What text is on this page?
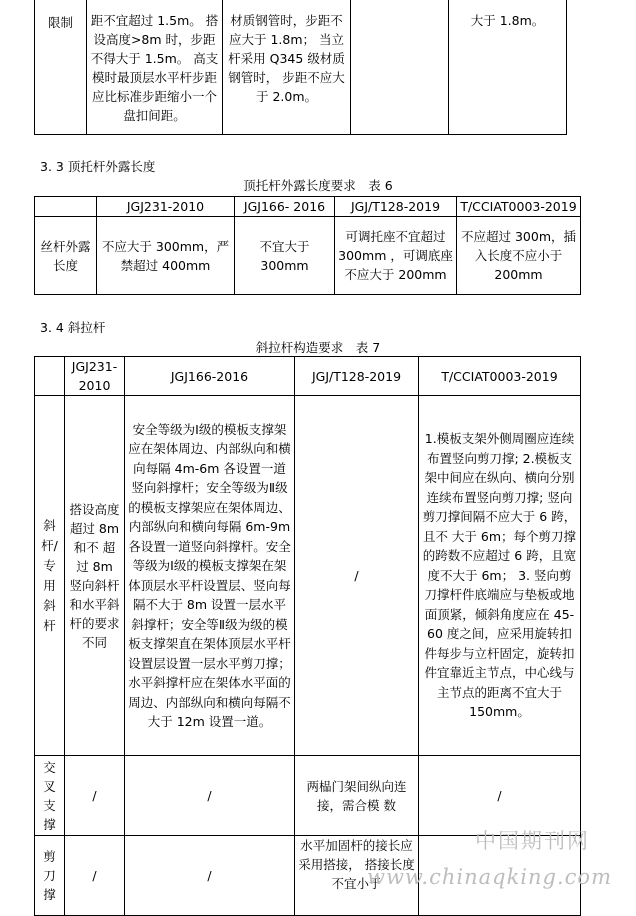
限制	距不宜超过 1.5m。 搭设高度>8m 时，步距不得大于 1.5m。 高支模时最顶层水平杆步距应比标准步距缩小一个 盘扣间距。	材质钢管时，步距不应大于 1.8m； 当立杆采用 Q345 级材质钢管时， 步距不应大于 2.0m。		大于 1.8m。
3. 3 顶托杆外露长度
顶托杆外露长度要求　表 6
	JGJ231-2010	JGJ166- 2016	JGJ/T128-2019	T/CCIAT0003-2019
丝杆外露长度	不应大于 300mm，严禁超过 400mm	不宜大于 300mm	可调托座不宜超过 300mm ，可调底座不应大于 200mm	不应超过 300m，插 入长度不应小于 200mm
3. 4 斜拉杆
斜拉杆构造要求　表 7
	JGJ231-2010	JGJ166-2016	JGJ/T128-2019	T/CCIAT0003-2019
斜杆/专用斜杆	搭设高度超过 8m 和不 超过 8m 竖向斜杆和水平斜杆的要求不同	安全等级为Ⅰ级的模板支撑架应在架体周边、内部纵向和横向每隔 4m-6m 各设置一道竖向斜撑杆；安全等级为Ⅱ级的模板支撑架应在架体周边、内部纵向和横向每隔 6m-9m 各设置一道竖向斜撑杆。安全等级为Ⅰ级的模板支撑架在架体顶层水平杆设置层、竖向每隔不大于 8m 设置一层水平斜撑杆；安全等Ⅱ级为级的模板支撑架直在架体顶层水平杆设置层设置一层水平剪刀撑；水平斜撑杆应在架体水平面的周边、内部纵向和横向每隔不大于 12m 设置一道。	/	1.模板支架外侧周圈应连续布置竖向剪刀撑; 2.模板支架中间应在纵向、横向分别连续布置竖向剪刀撑; 竖向剪刀撑间隔不应大于 6 跨，且不 大于 6m；每个剪刀撑的跨数不应超过 6 跨，且宽度不大于 6m； 3. 竖向剪刀撑杆件底端应与垫板或地面顶紧，倾斜角度应在 45-60 度之间，应采用旋转扣件每步与立杆固定，旋转扣件宜靠近主节点，中心线与主节点的距离不宜大于 150mm。
交叉支撑	/	/	两榀门架间纵向连接，需合模 数	/
剪刀撑	/	/	水平加固杆的接长应采用搭接， 搭接长度不宜小于	
中国期刊网
www.chinaqking.com
